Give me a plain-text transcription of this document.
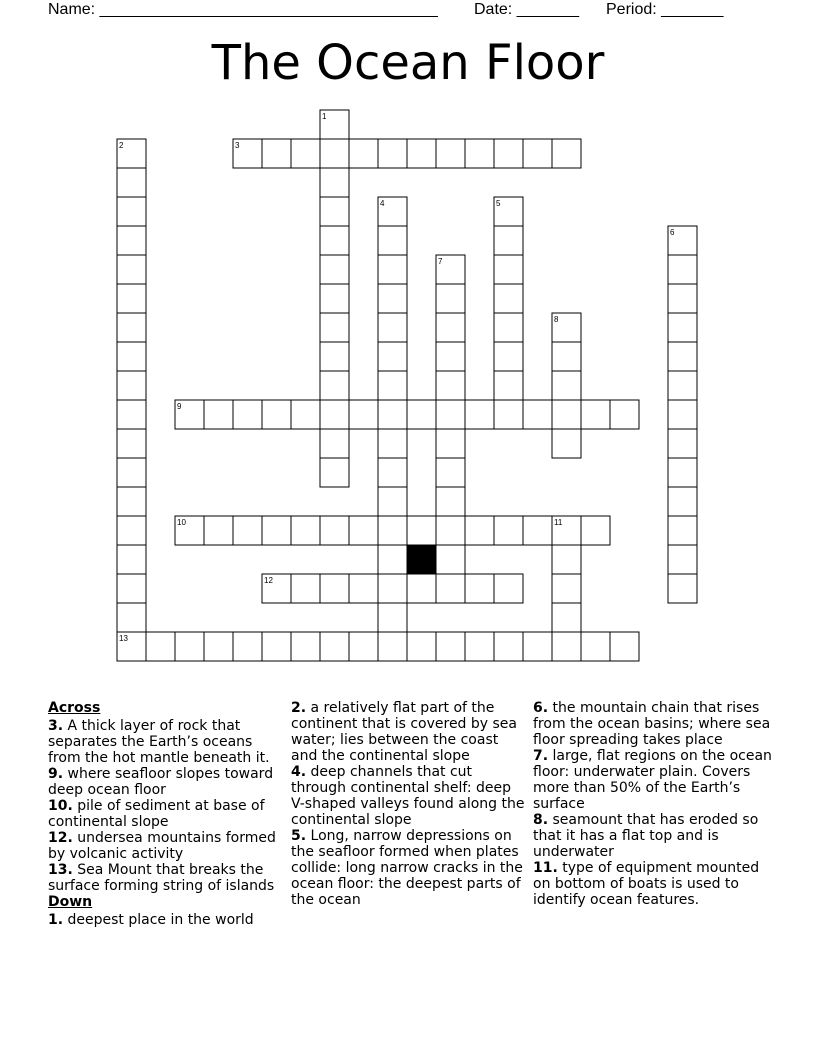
Name: ______________________________________ Date: _______ Period: _______
The Ocean Floor
1
2	3
4	5
6
7
8
9
10	11
12
13
Across
3. A thick layer of rock that separates the Earth’s oceans from the hot mantle beneath it.
9. where seafloor slopes toward deep ocean floor
10. pile of sediment at base of continental slope
12. undersea mountains formed by volcanic activity
13. Sea Mount that breaks the surface forming string of islands
Down
1. deepest place in the world
2. a relatively flat part of the continent that is covered by sea water; lies between the coast and the continental slope
4. deep channels that cut through continental shelf: deep V-shaped valleys found along the continental slope
5. Long, narrow depressions on the seafloor formed when plates collide: long narrow cracks in the ocean floor: the deepest parts of the ocean
6. the mountain chain that rises from the ocean basins; where sea floor spreading takes place
7. large, flat regions on the ocean floor: underwater plain. Covers more than 50% of the Earth’s surface
8. seamount that has eroded so that it has a flat top and is underwater
11. type of equipment mounted on bottom of boats is used to identify ocean features.
